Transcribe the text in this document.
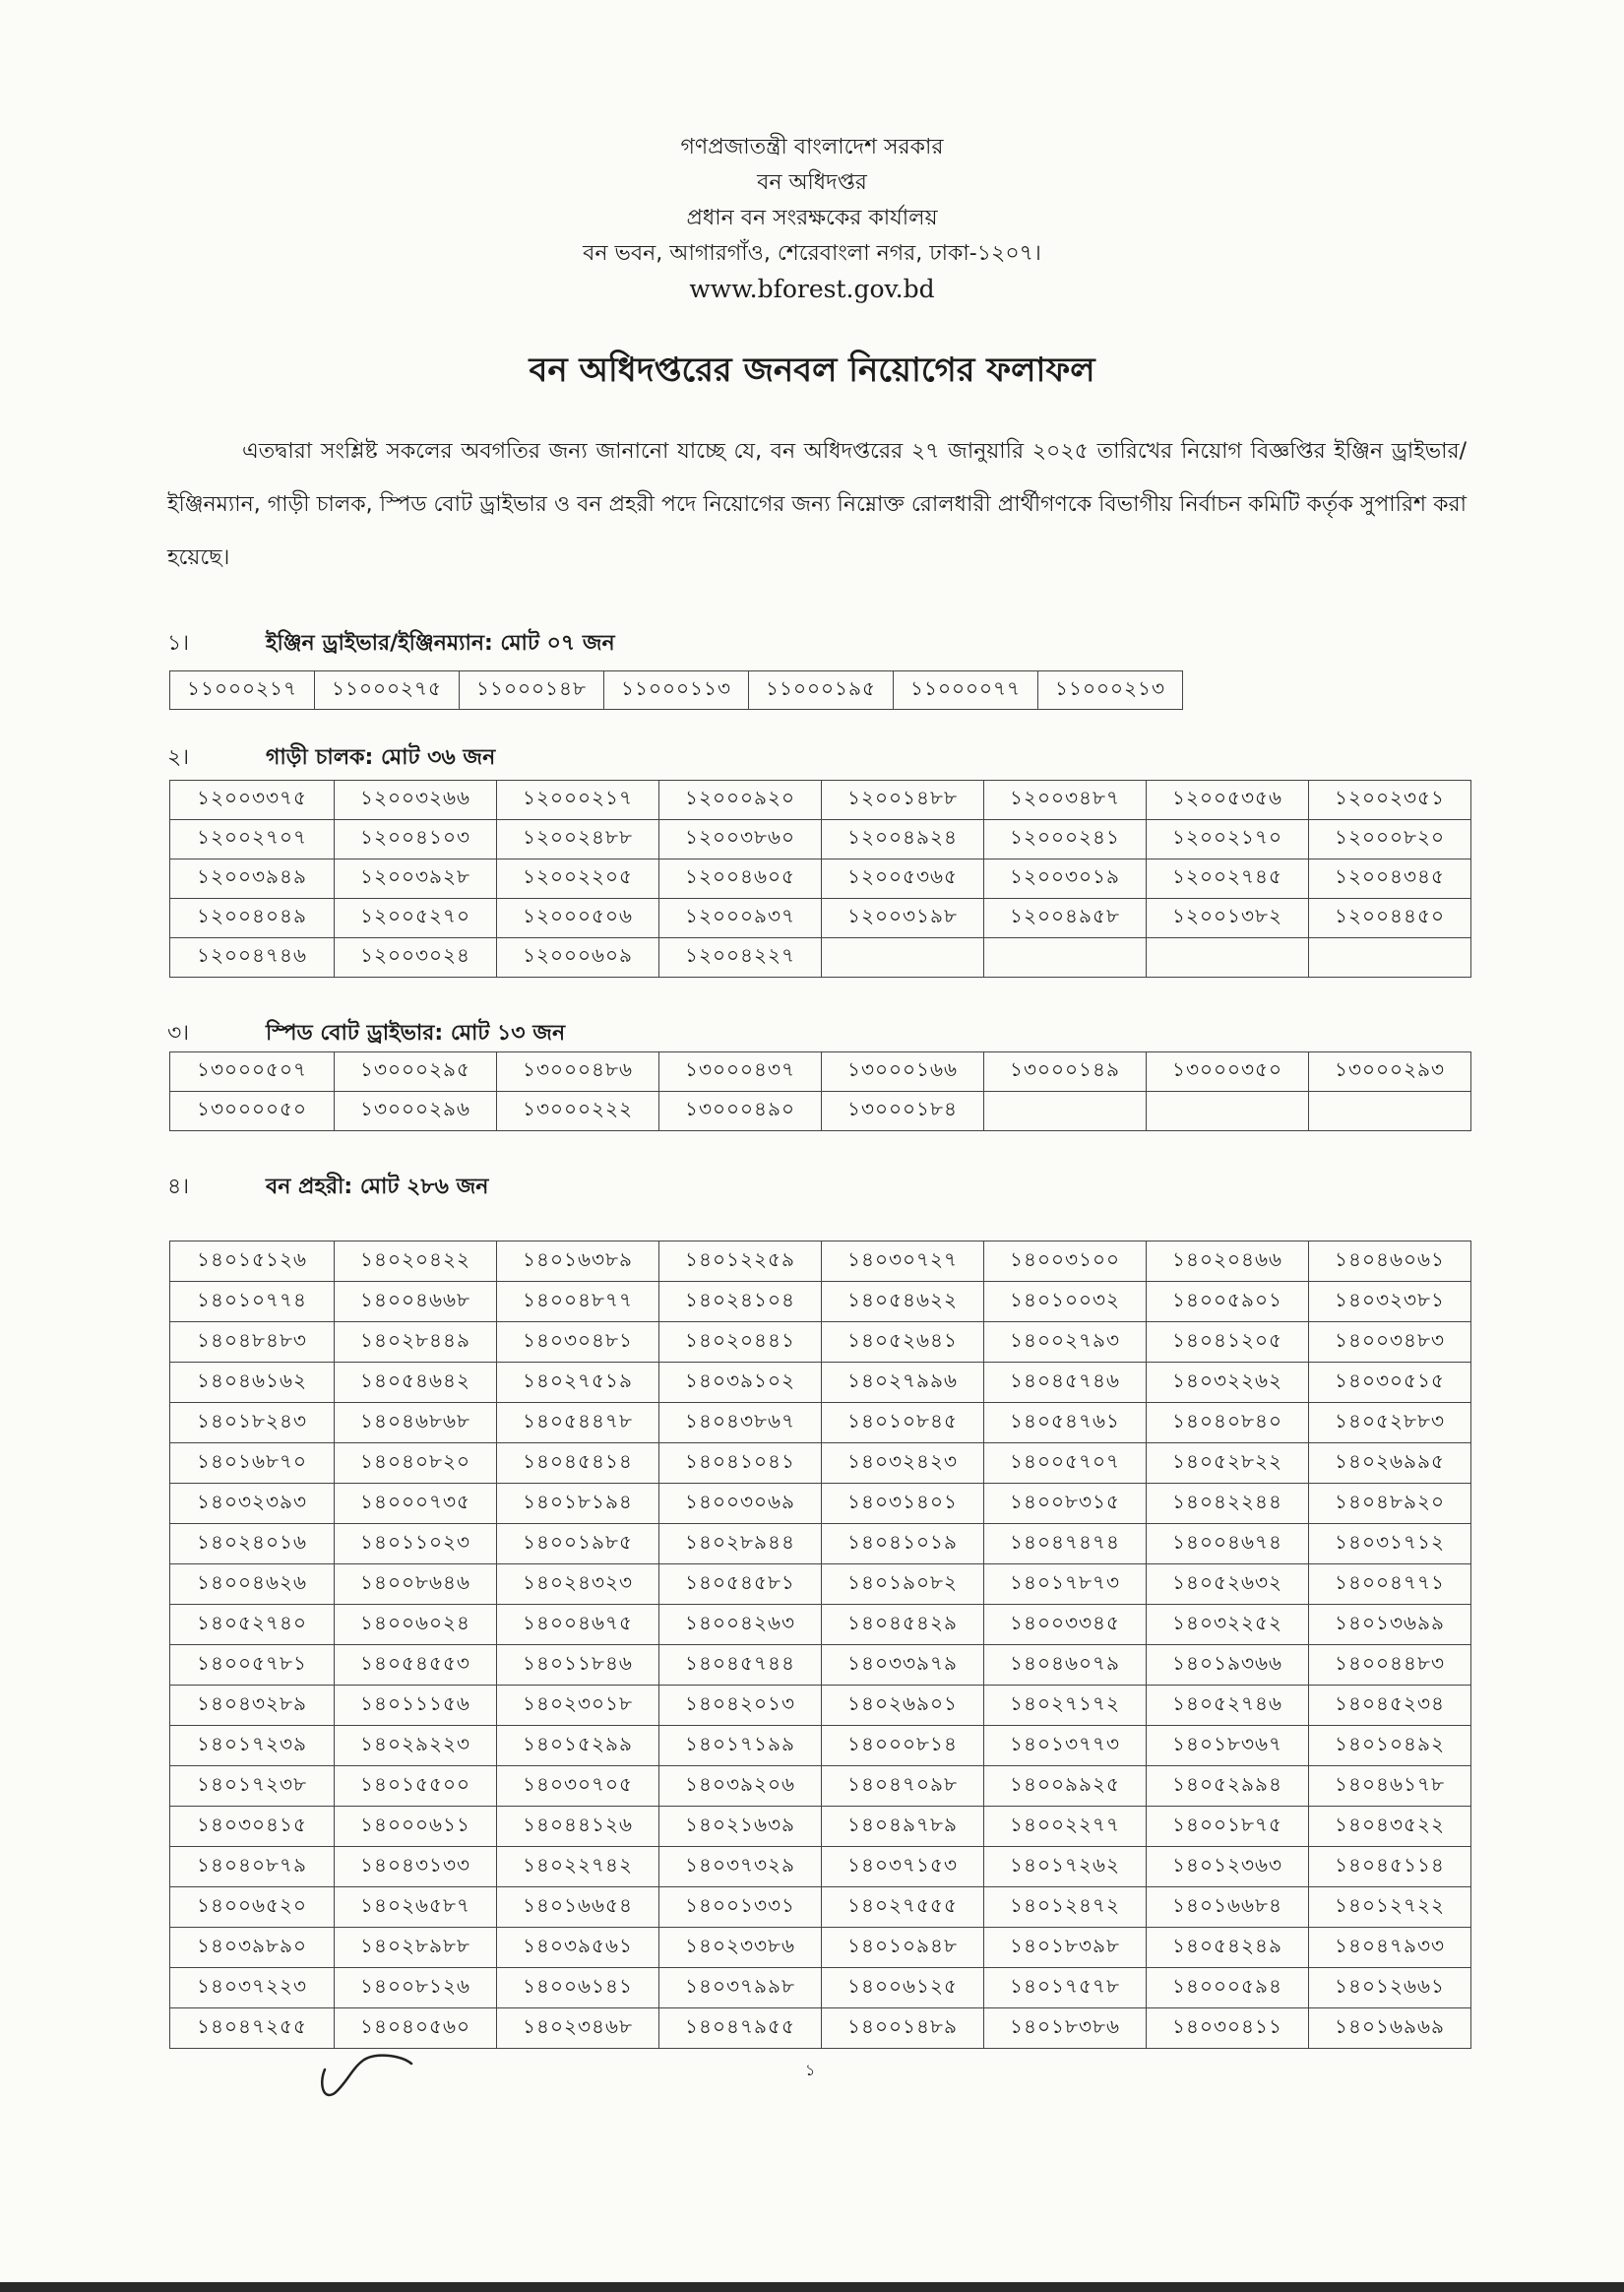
গণপ্রজাতন্ত্রী বাংলাদেশ সরকার
বন অধিদপ্তর
প্রধান বন সংরক্ষকের কার্যালয়
বন ভবন, আগারগাঁও, শেরেবাংলা নগর, ঢাকা-১২০৭।
www.bforest.gov.bd
বন অধিদপ্তরের জনবল নিয়োগের ফলাফল
এতদ্বারা সংশ্লিষ্ট সকলের অবগতির জন্য জানানো যাচ্ছে যে, বন অধিদপ্তরের ২৭ জানুয়ারি ২০২৫ তারিখের নিয়োগ বিজ্ঞপ্তির ইঞ্জিন ড্রাইভার/ইঞ্জিনম্যান, গাড়ী চালক, স্পিড বোট ড্রাইভার ও বন প্রহরী পদে নিয়োগের জন্য নিম্নোক্ত রোলধারী প্রার্থীগণকে বিভাগীয় নির্বাচন কমিটি কর্তৃক সুপারিশ করা হয়েছে।
১।	ইঞ্জিন ড্রাইভার/ইঞ্জিনম্যান: মোট ০৭ জন
১১০০০২১৭	১১০০০২৭৫	১১০০০১৪৮	১১০০০১১৩	১১০০০১৯৫	১১০০০০৭৭	১১০০০২১৩
২।	গাড়ী চালক: মোট ৩৬ জন
১২০০৩৩৭৫	১২০০৩২৬৬	১২০০০২১৭	১২০০০৯২০	১২০০১৪৮৮	১২০০৩৪৮৭	১২০০৫৩৫৬	১২০০২৩৫১
১২০০২৭০৭	১২০০৪১০৩	১২০০২৪৮৮	১২০০৩৮৬০	১২০০৪৯২৪	১২০০০২৪১	১২০০২১৭০	১২০০০৮২০
১২০০৩৯৪৯	১২০০৩৯২৮	১২০০২২০৫	১২০০৪৬০৫	১২০০৫৩৬৫	১২০০৩০১৯	১২০০২৭৪৫	১২০০৪৩৪৫
১২০০৪০৪৯	১২০০৫২৭০	১২০০০৫০৬	১২০০০৯৩৭	১২০০৩১৯৮	১২০০৪৯৫৮	১২০০১৩৮২	১২০০৪৪৫০
১২০০৪৭৪৬	১২০০৩০২৪	১২০০০৬০৯	১২০০৪২২৭				
৩।	স্পিড বোট ড্রাইভার: মোট ১৩ জন
১৩০০০৫০৭	১৩০০০২৯৫	১৩০০০৪৮৬	১৩০০০৪৩৭	১৩০০০১৬৬	১৩০০০১৪৯	১৩০০০৩৫০	১৩০০০২৯৩
১৩০০০০৫০	১৩০০০২৯৬	১৩০০০২২২	১৩০০০৪৯০	১৩০০০১৮৪			
৪।	বন প্রহরী: মোট ২৮৬ জন
১৪০১৫১২৬	১৪০২০৪২২	১৪০১৬৩৮৯	১৪০১২২৫৯	১৪০৩০৭২৭	১৪০০৩১০০	১৪০২০৪৬৬	১৪০৪৬০৬১
১৪০১০৭৭৪	১৪০০৪৬৬৮	১৪০০৪৮৭৭	১৪০২৪১০৪	১৪০৫৪৬২২	১৪০১০০৩২	১৪০০৫৯০১	১৪০৩২৩৮১
১৪০৪৮৪৮৩	১৪০২৮৪৪৯	১৪০৩০৪৮১	১৪০২০৪৪১	১৪০৫২৬৪১	১৪০০২৭৯৩	১৪০৪১২০৫	১৪০০৩৪৮৩
১৪০৪৬১৬২	১৪০৫৪৬৪২	১৪০২৭৫১৯	১৪০৩৯১০২	১৪০২৭৯৯৬	১৪০৪৫৭৪৬	১৪০৩২২৬২	১৪০৩০৫১৫
১৪০১৮২৪৩	১৪০৪৬৮৬৮	১৪০৫৪৪৭৮	১৪০৪৩৮৬৭	১৪০১০৮৪৫	১৪০৫৪৭৬১	১৪০৪০৮৪০	১৪০৫২৮৮৩
১৪০১৬৮৭০	১৪০৪০৮২০	১৪০৪৫৪১৪	১৪০৪১০৪১	১৪০৩২৪২৩	১৪০০৫৭০৭	১৪০৫২৮২২	১৪০২৬৯৯৫
১৪০৩২৩৯৩	১৪০০০৭৩৫	১৪০১৮১৯৪	১৪০০৩০৬৯	১৪০৩১৪০১	১৪০০৮৩১৫	১৪০৪২২৪৪	১৪০৪৮৯২০
১৪০২৪০১৬	১৪০১১০২৩	১৪০০১৯৮৫	১৪০২৮৯৪৪	১৪০৪১০১৯	১৪০৪৭৪৭৪	১৪০০৪৬৭৪	১৪০৩১৭১২
১৪০০৪৬২৬	১৪০০৮৬৪৬	১৪০২৪৩২৩	১৪০৫৪৫৮১	১৪০১৯০৮২	১৪০১৭৮৭৩	১৪০৫২৬৩২	১৪০০৪৭৭১
১৪০৫২৭৪০	১৪০০৬০২৪	১৪০০৪৬৭৫	১৪০০৪২৬৩	১৪০৪৫৪২৯	১৪০০৩৩৪৫	১৪০৩২২৫২	১৪০১৩৬৯৯
১৪০০৫৭৮১	১৪০৫৪৫৫৩	১৪০১১৮৪৬	১৪০৪৫৭৪৪	১৪০৩৩৯৭৯	১৪০৪৬০৭৯	১৪০১৯৩৬৬	১৪০০৪৪৮৩
১৪০৪৩২৮৯	১৪০১১১৫৬	১৪০২৩০১৮	১৪০৪২০১৩	১৪০২৬৯০১	১৪০২৭১৭২	১৪০৫২৭৪৬	১৪০৪৫২৩৪
১৪০১৭২৩৯	১৪০২৯২২৩	১৪০১৫২৯৯	১৪০১৭১৯৯	১৪০০০৮১৪	১৪০১৩৭৭৩	১৪০১৮৩৬৭	১৪০১০৪৯২
১৪০১৭২৩৮	১৪০১৫৫০০	১৪০৩০৭০৫	১৪০৩৯২০৬	১৪০৪৭০৯৮	১৪০০৯৯২৫	১৪০৫২৯৯৪	১৪০৪৬১৭৮
১৪০৩০৪১৫	১৪০০০৬১১	১৪০৪৪১২৬	১৪০২১৬৩৯	১৪০৪৯৭৮৯	১৪০০২২৭৭	১৪০০১৮৭৫	১৪০৪৩৫২২
১৪০৪০৮৭৯	১৪০৪৩১৩৩	১৪০২২৭৪২	১৪০৩৭৩২৯	১৪০৩৭১৫৩	১৪০১৭২৬২	১৪০১২৩৬৩	১৪০৪৫১১৪
১৪০০৬৫২০	১৪০২৬৫৮৭	১৪০১৬৬৫৪	১৪০০১৩৩১	১৪০২৭৫৫৫	১৪০১২৪৭২	১৪০১৬৬৮৪	১৪০১২৭২২
১৪০৩৯৮৯০	১৪০২৮৯৮৮	১৪০৩৯৫৬১	১৪০২৩৩৮৬	১৪০১০৯৪৮	১৪০১৮৩৯৮	১৪০৫৪২৪৯	১৪০৪৭৯৩৩
১৪০৩৭২২৩	১৪০০৮১২৬	১৪০০৬১৪১	১৪০৩৭৯৯৮	১৪০০৬১২৫	১৪০১৭৫৭৮	১৪০০০৫৯৪	১৪০১২৬৬১
১৪০৪৭২৫৫	১৪০৪০৫৬০	১৪০২৩৪৬৮	১৪০৪৭৯৫৫	১৪০০১৪৮৯	১৪০১৮৩৮৬	১৪০৩০৪১১	১৪০১৬৯৬৯
১
